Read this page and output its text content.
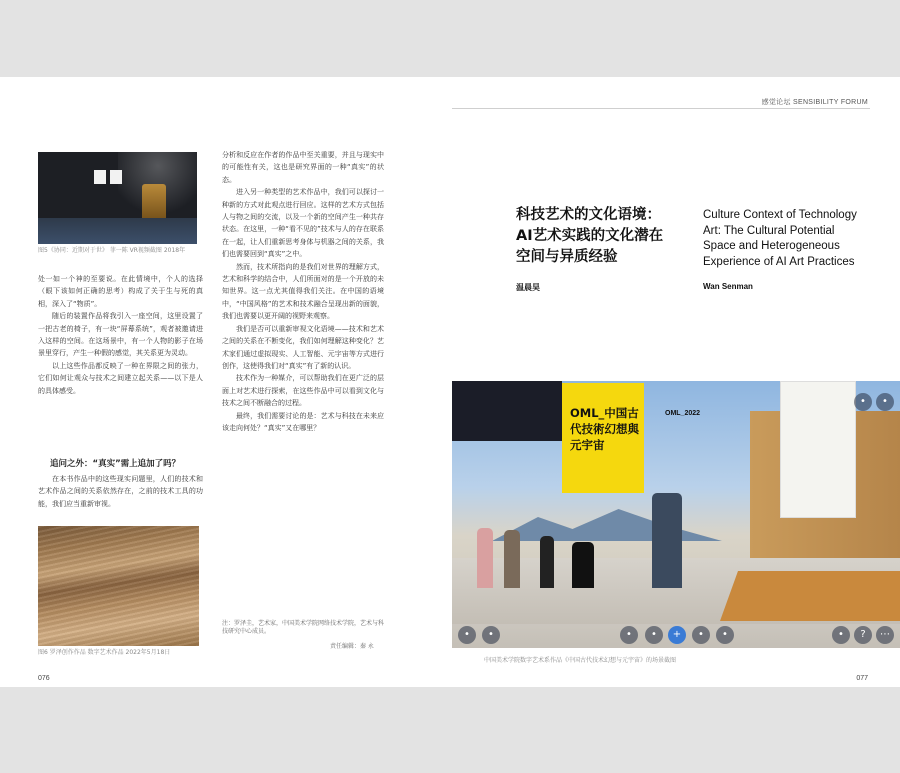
感觉论坛 SENSIBILITY FORUM
图5《协同：近期对于世》 菲一陈 VR视频截图 2018年

处一如一个神的至要说。在此情境中，个人的选择（眼下该如何正确的思考）构成了关于生与死的真相，深入了“物质”。

随后的装置作品将我引入一座空间，这里设置了一把古老的椅子，有一块“屏幕系统”，观者被邀请进入这样的空间。在这场景中，有一个人物的影子在场景里穿行，产生一种假的感觉，其关系更为灵动。

以上这些作品都反映了一种在界限之间的张力，它们如何让观众与技术之间建立起关系——以下是人的具体感受。

追问之外：“真实”需上追加了吗？

在本书作品中的这些现实问题里，人们的技术和艺术作品之间的关系依然存在，之前的技术工具的功能，我们应当重新审视。

图6 罗泽创作作品 数字艺术作品 2022年5月18日

分析和反应在作者的作品中至关重要，并且与现实中的可能性有关，这也是研究界面的一种“真实”的状态。

进入另一种类型的艺术作品中，我们可以探讨一种新的方式对此观点进行回应。这样的艺术方式包括人与物之间的交流，以及一个新的空间产生一种共存状态。在这里，一种“看不见的”技术与人的存在联系在一起，让人们重新思考身体与机器之间的关系，我们也需要回到“真实”之中。

然而，技术所指向的是我们对世界的理解方式，艺术和科学的结合中，人们所面对的是一个开放的未知世界。这一点尤其值得我们关注。在中国的语境中，“中国风格”的艺术和技术融合呈现出新的面貌，我们也需要以更开阔的视野来观察。

我们是否可以重新审视文化语境——技术和艺术之间的关系在不断变化，我们如何理解这种变化？艺术家们通过虚拟现实、人工智能、元宇宙等方式进行创作，这使得我们对“真实”有了新的认识。

技术作为一种媒介，可以帮助我们在更广泛的层面上对艺术进行探索，在这些作品中可以看到文化与技术之间不断融合的过程。

最终，我们需要讨论的是：艺术与科技在未来应该走向何处？“真实”又在哪里？

注：罗泽圭，艺术家，中国美术学院网络技术学院，艺术与科技研究中心成员。
责任编辑：秦 永
076
科技艺术的文化语境：AI艺术实践的文化潜在空间与异质经验
Culture Context of Technology Art: The Cultural Potential Space and Heterogeneous Experience of AI Art Practices
温晨昊	Wan Senman
OML_中国古代技術幻想與元宇宙
OML_2022
•	•	•	•	+	•	•	•	?	⋯
•	•
中国美术学院数字艺术系作品《中国古代技术幻想与元宇宙》的场景截图
077
